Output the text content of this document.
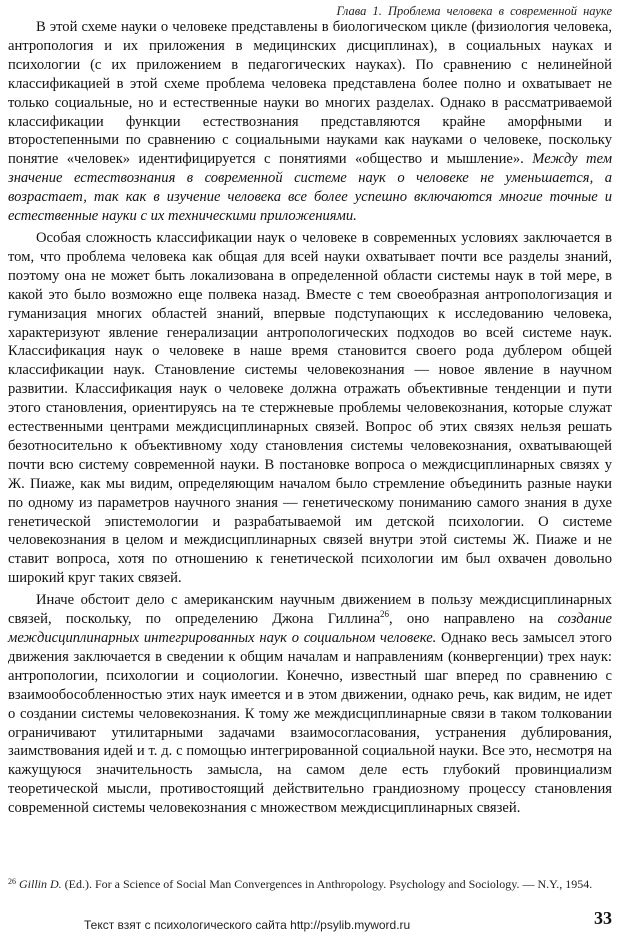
Глава 1. Проблема человека в современной науке

В этой схеме науки о человеке представлены в биологическом цикле (физиология человека, антропология и их приложения в медицинских дисциплинах), в социальных науках и психологии (с их приложением в педагогических науках). По сравнению с нелинейной классификацией в этой схеме проблема человека представлена более полно и охватывает не только социальные, но и естественные науки во многих разделах. Однако в рассматриваемой классификации функции естествознания представляются крайне аморфными и второстепенными по сравнению с социальными науками как науками о человеке, поскольку понятие «человек» идентифицируется с понятиями «общество и мышление». Между тем значение естествознания в современной системе наук о человеке не уменьшается, а возрастает, так как в изучение человека все более успешно включаются многие точные и естественные науки с их техническими приложениями.

Особая сложность классификации наук о человеке в современных условиях заключается в том, что проблема человека как общая для всей науки охватывает почти все разделы знаний, поэтому она не может быть локализована в определенной области системы наук в той мере, в какой это было возможно еще полвека назад. Вместе с тем своеобразная антропологизация и гуманизация многих областей знаний, впервые подступающих к исследованию человека, характеризуют явление генерализации антропологических подходов во всей системе наук. Классификация наук о человеке в наше время становится своего рода дублером общей классификации наук. Становление системы человекознания — новое явление в научном развитии. Классификация наук о человеке должна отражать объективные тенденции и пути этого становления, ориентируясь на те стержневые проблемы человекознания, которые служат естественными центрами междисциплинарных связей. Вопрос об этих связях нельзя решать безотносительно к объективному ходу становления системы человекознания, охватывающей почти всю систему современной науки. В постановке вопроса о междисциплинарных связях у Ж. Пиаже, как мы видим, определяющим началом было стремление объединить разные науки по одному из параметров научного знания — генетическому пониманию самого знания в духе генетической эпистемологии и разрабатываемой им детской психологии. О системе человекознания в целом и междисциплинарных связей внутри этой системы Ж. Пиаже и не ставит вопроса, хотя по отношению к генетической психологии им был охвачен довольно широкий круг таких связей.

Иначе обстоит дело с американским научным движением в пользу междисциплинарных связей, поскольку, по определению Джона Гиллина$^{26}$, оно направлено на создание междисциплинарных интегрированных наук о социальном человеке. Однако весь замысел этого движения заключается в сведении к общим началам и направлениям (конвергенции) трех наук: антропологии, психологии и социологии. Конечно, известный шаг вперед по сравнению с взаимообособленностью этих наук имеется и в этом движении, однако речь, как видим, не идет о создании системы человекознания. К тому же междисциплинарные связи в таком толковании ограничивают утилитарными задачами взаимосогласования, устранения дублирования, заимствования идей и т. д. с помощью интегрированной социальной науки. Все это, несмотря на кажущуюся значительность замысла, на самом деле есть глубокий провинциализм теоретической мысли, противостоящий действительно грандиозному процессу становления современной системы человекознания с множеством междисциплинарных связей.

$^{26}$ Gillin D. (Ed.). For a Science of Social Man Convergences in Anthropology. Psychology and Sociology. — N.Y., 1954.
Текст взят с психологического сайта http://psylib.myword.ru	33
